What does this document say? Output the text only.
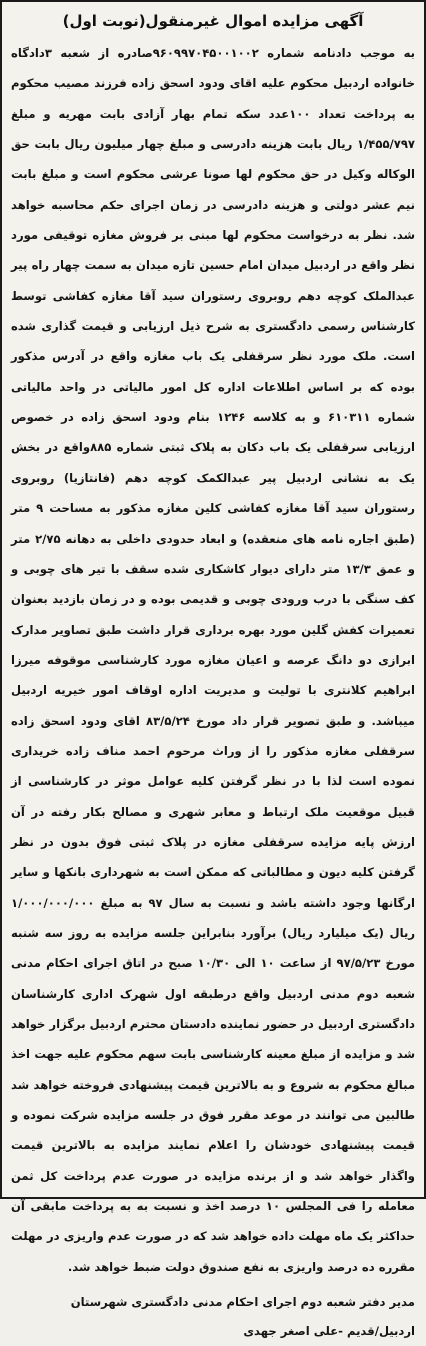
آگهی مزایده اموال غیرمنقول(نوبت اول)

به موجب دادنامه شماره ۹۶۰۹۹۷۰۴۵۰۰۱۰۰۲صادره از شعبه ۳دادگاه خانواده اردبیل محکوم علیه اقای ودود اسحق زاده فرزند مصیب محکوم به پرداخت تعداد ۱۰۰عدد سکه تمام بهار آزادی بابت مهریه و مبلغ ۱/۴۵۵/۷۹۷ ریال بابت هزینه دادرسی و مبلغ چهار میلیون ریال بابت حق الوکاله وکیل در حق محکوم لها صونا عرشی محکوم است و مبلغ بابت نیم عشر دولتی و هزینه دادرسی در زمان اجرای حکم محاسبه خواهد شد. نظر به درخواست محکوم لها مبنی بر فروش مغازه توقیفی مورد نظر واقع در اردبیل میدان امام حسین تازه میدان به سمت چهار راه پیر عبدالملک کوچه دهم روبروی رستوران سید آقا مغازه کفاشی توسط کارشناس رسمی دادگستری به شرح ذیل ارزیابی و قیمت گذاری شده است. ملک مورد نظر سرقفلی یک باب مغازه واقع در آدرس مذکور بوده که بر اساس اطلاعات اداره کل امور مالیاتی در واحد مالیاتی شماره ۶۱۰۳۱۱ و به کلاسه ۱۲۴۶ بنام ودود اسحق زاده در خصوص ارزیابی سرقفلی یک باب دکان به پلاک ثبتی شماره ۸۸۵واقع در بخش یک به نشانی اردبیل پیر عبدالکمک کوچه دهم (فانتازیا) روبروی رستوران سید آقا مغازه کفاشی کلین مغازه مذکور به مساحت ۹ متر (طبق اجاره نامه های منعقده) و ابعاد حدودی داخلی به دهانه ۲/۷۵ متر و عمق ۱۳/۳ متر دارای دیوار کاشکاری شده سقف با تیر های چوبی و کف سنگی با درب ورودی چوبی و قدیمی بوده و در زمان بازدید بعنوان تعمیرات کفش گلین مورد بهره برداری قرار داشت طبق تصاویر مدارک ابرازی دو دانگ عرصه و اعیان مغازه مورد کارشناسی موقوفه میرزا ابراهیم کلانتری با تولیت و مدیریت اداره اوقاف امور خیریه اردبیل میباشد. و طبق تصویر قرار داد مورخ ۸۳/۵/۲۴ اقای ودود اسحق زاده سرقفلی مغازه مذکور را از وراث مرحوم احمد مناف زاده خریداری نموده است لذا با در نظر گرفتن کلیه عوامل موثر در کارشناسی از قبیل موقعیت ملک ارتباط و معابر شهری و مصالح بکار رفته در آن ارزش پایه مزایده سرقفلی مغازه در پلاک ثبتی فوق بدون در نظر گرفتن کلیه دیون و مطالباتی که ممکن است به شهرداری بانکها و سایر ارگانها وجود داشته باشد و نسبت به سال ۹۷ به مبلغ ۱/۰۰۰/۰۰۰/۰۰۰ ریال (یک میلیارد ریال) برآورد بنابراین جلسه مزایده به روز سه شنبه مورخ ۹۷/۵/۲۳ از ساعت ۱۰ الی ۱۰/۳۰ صبح در اتاق اجرای احکام مدنی شعبه دوم مدنی اردبیل واقع درطبقه اول شهرک اداری کارشناسان دادگستری اردبیل در حضور نماینده دادستان محترم اردبیل برگزار خواهد شد و مزایده از مبلغ معینه کارشناسی بابت سهم محکوم علیه جهت اخذ مبالغ محکوم به شروع و به بالاترین قیمت پیشنهادی فروخته خواهد شد طالبین می توانند در موعد مقرر فوق در جلسه مزایده شرکت نموده و قیمت پیشنهادی خودشان را اعلام نمایند مزایده به بالاترین قیمت واگذار خواهد شد و از برنده مزایده در صورت عدم پرداخت کل ثمن معامله را فی المجلس ۱۰ درصد اخذ و نسبت به به پرداخت مابقی آن حداکثر یک ماه مهلت داده خواهد شد که در صورت عدم واریزی در مهلت مقرره ده درصد واریزی به نفع صندوق دولت ضبط خواهد شد.

مدیر دفتر شعبه دوم اجرای احکام مدنی دادگستری شهرستان
اردبیل/قدیم -علی اصغر جهدی
